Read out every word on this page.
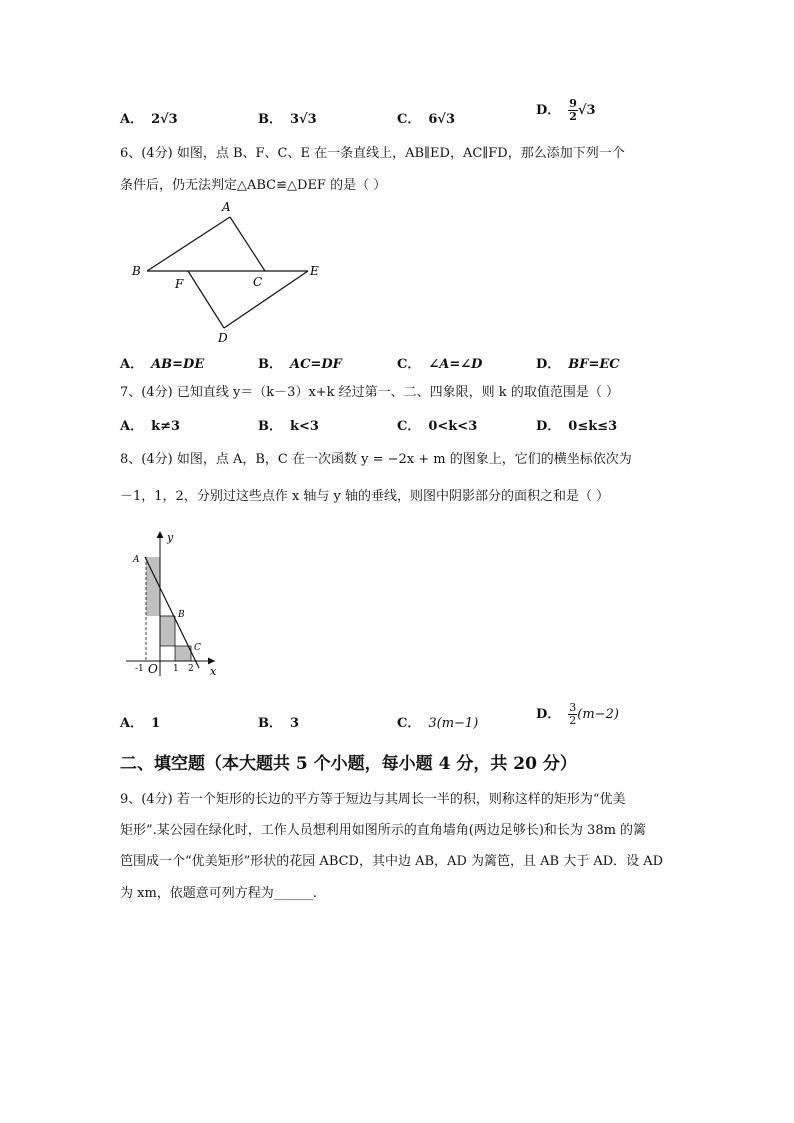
A． 2√3	B． 3√3	C． 6√3
D． $\frac{9}{2} √3$
6、(4分) 如图，点 B、F、C、E 在一条直线上，AB∥ED，AC∥FD，那么添加下列一个
条件后，仍无法判定△ABC≌△DEF 的是（ ）
A
B
C
D
E
F
A． AB=DE	B． AC=DF	C． ∠A=∠D	D． BF=EC
7、(4分) 已知直线 y＝（k－3）x+k 经过第一、二、四象限，则 k 的取值范围是（ ）
A． k≠3	B． k<3	C． 0<k<3	D． 0≤k≤3
8、(4分) 如图，点 A，B，C 在一次函数 y = −2x + m 的图象上，它们的横坐标依次为
－1，1，2，分别过这些点作 x 轴与 y 轴的垂线，则图中阴影部分的面积之和是（ ）
y
x
A
B
C
O
-1	1 2
A． 1	B． 3	C． 3(m−1)
D． $\frac{3}{2} (m-2)$
二、填空题（本大题共 5 个小题，每小题 4 分，共 20 分）
9、(4分) 若一个矩形的长边的平方等于短边与其周长一半的积，则称这样的矩形为“优美
矩形”.某公园在绿化时，工作人员想利用如图所示的直角墙角(两边足够长)和长为 38m 的篱
笆围成一个“优美矩形”形状的花园 ABCD，其中边 AB，AD 为篱笆，且 AB 大于 AD．设 AD
为 xm，依题意可列方程为______.
